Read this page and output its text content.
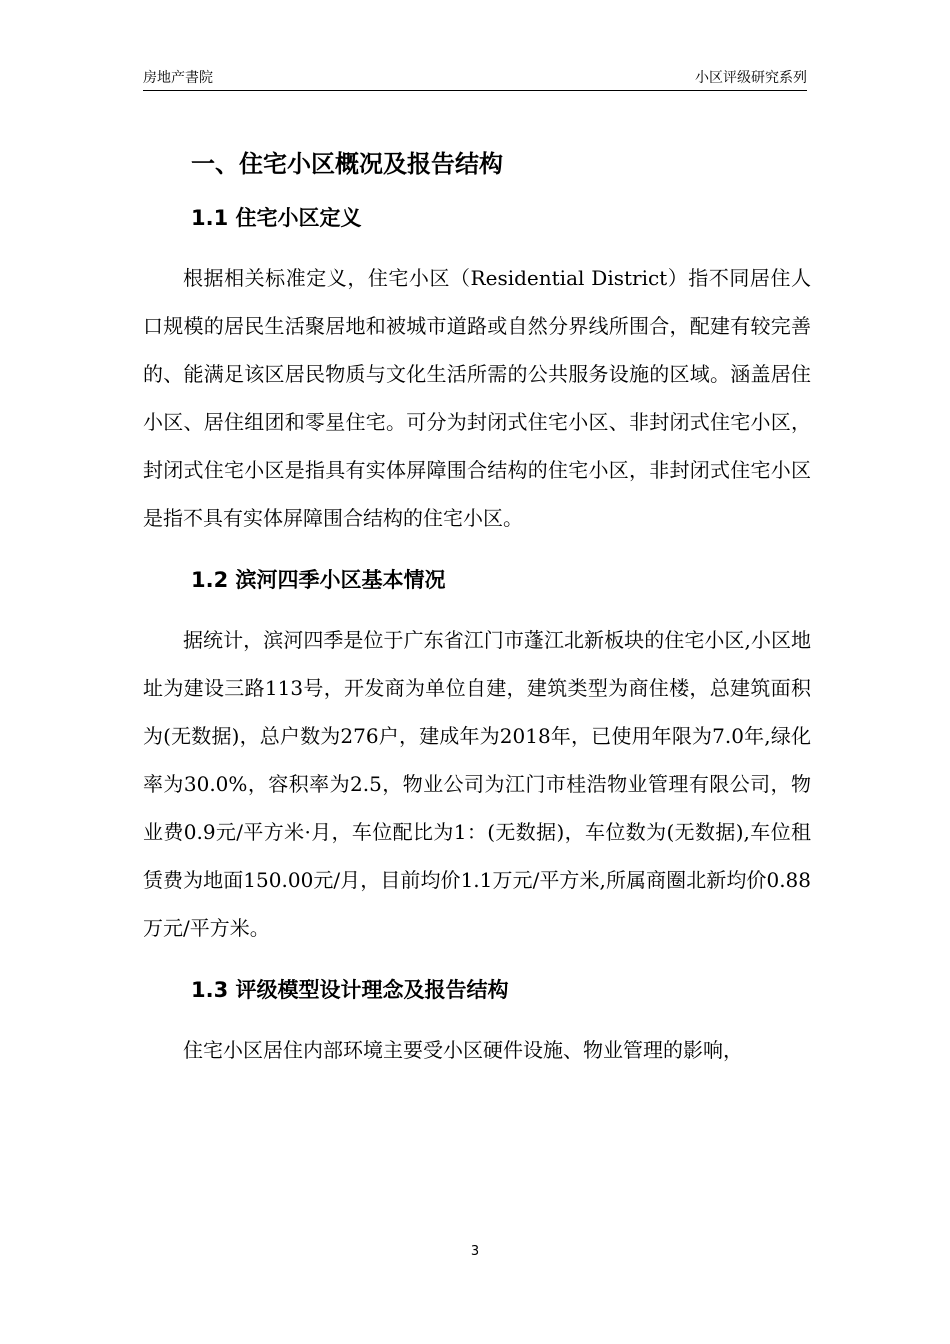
房地产書院	小区评级研究系列
一、住宅小区概况及报告结构
1.1 住宅小区定义

根据相关标准定义，住宅小区（Residential District）指不同居住人口规模的居民生活聚居地和被城市道路或自然分界线所围合，配建有较完善的、能满足该区居民物质与文化生活所需的公共服务设施的区域。涵盖居住小区、居住组团和零星住宅。可分为封闭式住宅小区、非封闭式住宅小区，封闭式住宅小区是指具有实体屏障围合结构的住宅小区，非封闭式住宅小区是指不具有实体屏障围合结构的住宅小区。

1.2 滨河四季小区基本情况

据统计，滨河四季是位于广东省江门市蓬江北新板块的住宅小区,小区地址为建设三路113号，开发商为单位自建，建筑类型为商住楼，总建筑面积为(无数据)，总户数为276户，建成年为2018年，已使用年限为7.0年,绿化率为30.0%，容积率为2.5，物业公司为江门市桂浩物业管理有限公司，物业费0.9元/平方米·月，车位配比为1：(无数据)，车位数为(无数据),车位租赁费为地面150.00元/月，目前均价1.1万元/平方米,所属商圈北新均价0.88万元/平方米。

1.3 评级模型设计理念及报告结构

住宅小区居住内部环境主要受小区硬件设施、物业管理的影响，

3
